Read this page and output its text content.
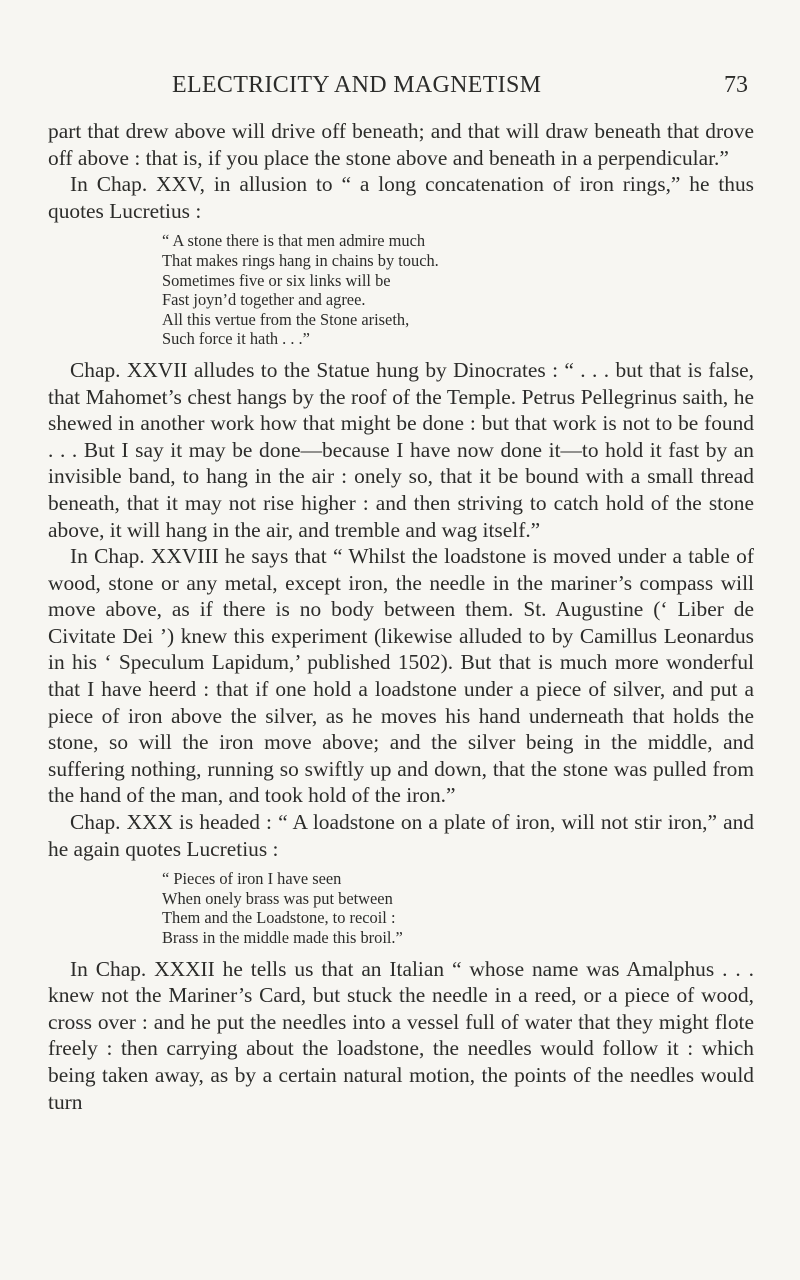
ELECTRICITY AND MAGNETISM	73

part that drew above will drive off beneath; and that will draw beneath that drove off above : that is, if you place the stone above and beneath in a perpendicular.”

In Chap. XXV, in allusion to “ a long concatenation of iron rings,” he thus quotes Lucretius :

“ A stone there is that men admire much
That makes rings hang in chains by touch.
Sometimes five or six links will be
Fast joyn’d together and agree.
All this vertue from the Stone ariseth,
Such force it hath . . .”

Chap. XXVII alludes to the Statue hung by Dinocrates : “ . . . but that is false, that Mahomet’s chest hangs by the roof of the Temple. Petrus Pellegrinus saith, he shewed in another work how that might be done : but that work is not to be found . . . But I say it may be done—because I have now done it—to hold it fast by an invisible band, to hang in the air : onely so, that it be bound with a small thread beneath, that it may not rise higher : and then striving to catch hold of the stone above, it will hang in the air, and tremble and wag itself.”

In Chap. XXVIII he says that “ Whilst the loadstone is moved under a table of wood, stone or any metal, except iron, the needle in the mariner’s compass will move above, as if there is no body between them. St. Augustine (‘ Liber de Civitate Dei ’) knew this experiment (likewise alluded to by Camillus Leonardus in his ‘ Speculum Lapidum,’ published 1502). But that is much more wonderful that I have heerd : that if one hold a loadstone under a piece of silver, and put a piece of iron above the silver, as he moves his hand underneath that holds the stone, so will the iron move above; and the silver being in the middle, and suffering nothing, running so swiftly up and down, that the stone was pulled from the hand of the man, and took hold of the iron.”

Chap. XXX is headed : “ A loadstone on a plate of iron, will not stir iron,” and he again quotes Lucretius :

“ Pieces of iron I have seen
When onely brass was put between
Them and the Loadstone, to recoil :
Brass in the middle made this broil.”

In Chap. XXXII he tells us that an Italian “ whose name was Amalphus . . . knew not the Mariner’s Card, but stuck the needle in a reed, or a piece of wood, cross over : and he put the needles into a vessel full of water that they might flote freely : then carrying about the loadstone, the needles would follow it : which being taken away, as by a certain natural motion, the points of the needles would turn
